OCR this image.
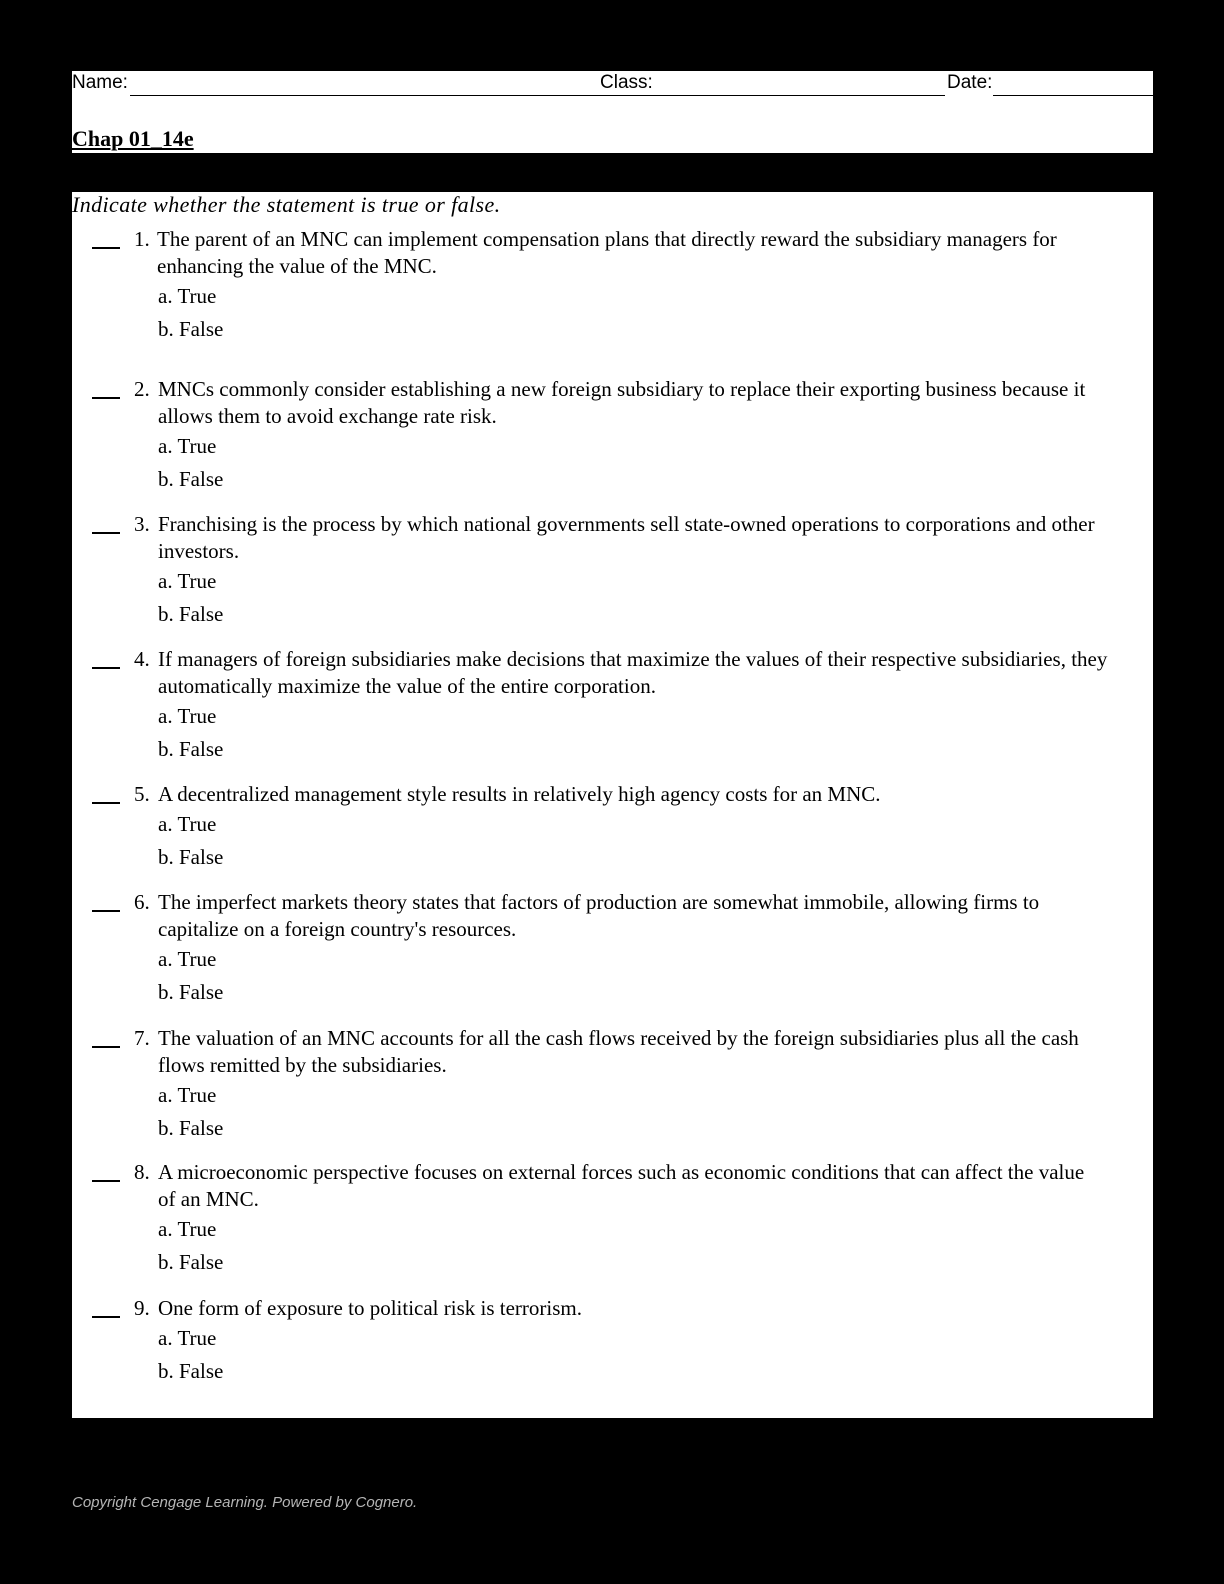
Name:	Class:	Date:
Chap 01_14e
Indicate whether the statement is true or false.
1. The parent of an MNC can implement compensation plans that directly reward the subsidiary managers for
enhancing the value of the MNC.
a. True
b. False
2. MNCs commonly consider establishing a new foreign subsidiary to replace their exporting business because it
allows them to avoid exchange rate risk.
a. True
b. False
3. Franchising is the process by which national governments sell state-owned operations to corporations and other
investors.
a. True
b. False
4. If managers of foreign subsidiaries make decisions that maximize the values of their respective subsidiaries, they
automatically maximize the value of the entire corporation.
a. True
b. False
5. A decentralized management style results in relatively high agency costs for an MNC.
a. True
b. False
6. The imperfect markets theory states that factors of production are somewhat immobile, allowing firms to
capitalize on a foreign country's resources.
a. True
b. False
7. The valuation of an MNC accounts for all the cash flows received by the foreign subsidiaries plus all the cash
flows remitted by the subsidiaries.
a. True
b. False
8. A microeconomic perspective focuses on external forces such as economic conditions that can affect the value
of an MNC.
a. True
b. False
9. One form of exposure to political risk is terrorism.
a. True
b. False
Copyright Cengage Learning. Powered by Cognero.
